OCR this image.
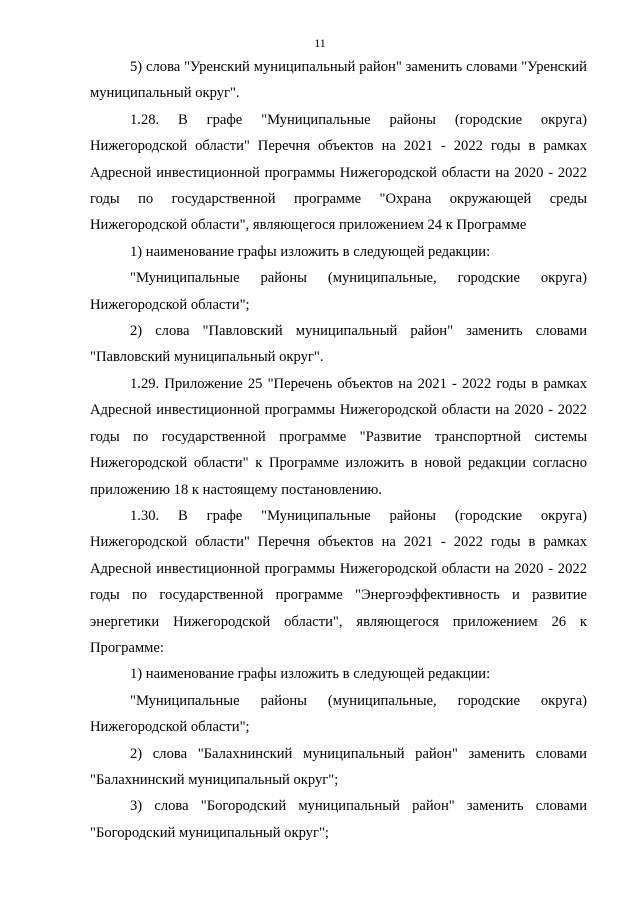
11

5) слова "Уренский муниципальный район" заменить словами "Уренский муниципальный округ".

1.28. В графе "Муниципальные районы (городские округа) Нижегородской области" Перечня объектов на 2021 - 2022 годы в рамках Адресной инвестиционной программы Нижегородской области на 2020 - 2022 годы по государственной программе "Охрана окружающей среды Нижегородской области", являющегося приложением 24 к Программе

1) наименование графы изложить в следующей редакции:

"Муниципальные районы (муниципальные, городские округа) Нижегородской области";

2) слова "Павловский муниципальный район" заменить словами "Павловский муниципальный округ".

1.29. Приложение 25 "Перечень объектов на 2021 - 2022 годы в рамках Адресной инвестиционной программы Нижегородской области на 2020 - 2022 годы по государственной программе "Развитие транспортной системы Нижегородской области" к Программе изложить в новой редакции согласно приложению 18 к настоящему постановлению.

1.30. В графе "Муниципальные районы (городские округа) Нижегородской области" Перечня объектов на 2021 - 2022 годы в рамках Адресной инвестиционной программы Нижегородской области на 2020 - 2022 годы по государственной программе "Энергоэффективность и развитие энергетики Нижегородской области", являющегося приложением 26 к Программе:

1) наименование графы изложить в следующей редакции:

"Муниципальные районы (муниципальные, городские округа) Нижегородской области";

2) слова "Балахнинский муниципальный район" заменить словами "Балахнинский муниципальный округ";

3) слова "Богородский муниципальный район" заменить словами "Богородский муниципальный округ";
